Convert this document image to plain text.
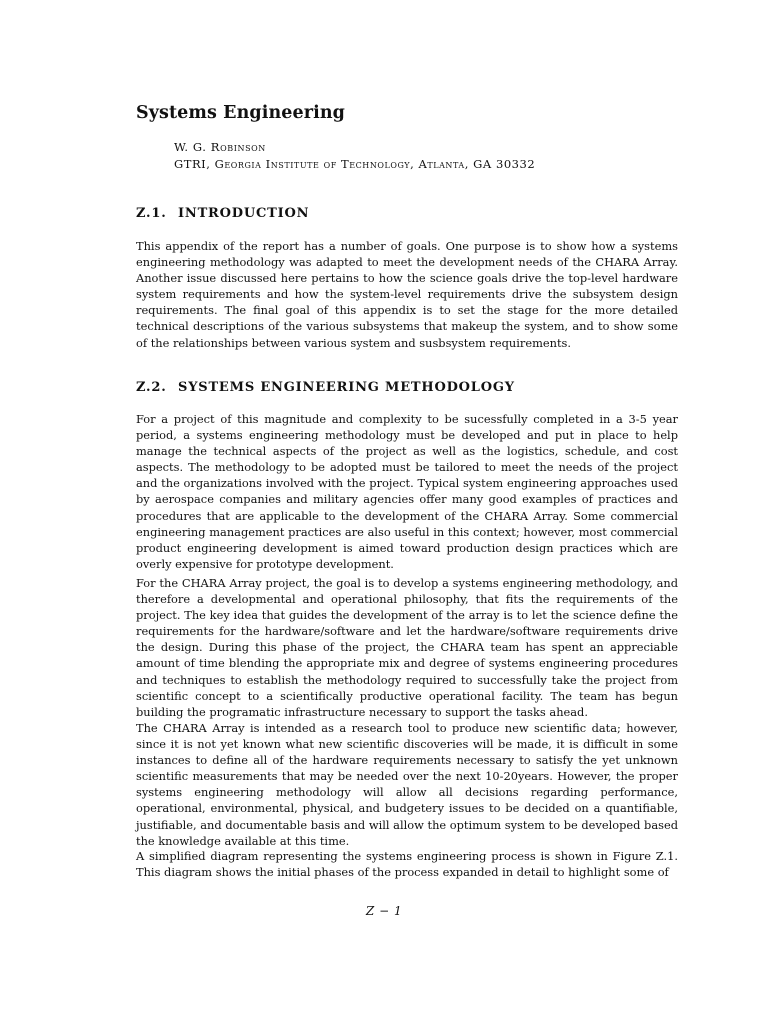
Systems Engineering

W. G. Robinson

GTRI, Georgia Institute of Technology, Atlanta, GA 30332

Z.1. INTRODUCTION

This appendix of the report has a number of goals. One purpose is to show how a systems engineering methodology was adapted to meet the development needs of the CHARA Array. Another issue discussed here pertains to how the science goals drive the top-level hardware system requirements and how the system-level requirements drive the subsystem design requirements. The final goal of this appendix is to set the stage for the more detailed technical descriptions of the various subsystems that makeup the system, and to show some of the relationships between various system and susbsystem requirements.

Z.2. SYSTEMS ENGINEERING METHODOLOGY

For a project of this magnitude and complexity to be sucessfully completed in a 3-5 year period, a systems engineering methodology must be developed and put in place to help manage the technical aspects of the project as well as the logistics, schedule, and cost aspects. The methodology to be adopted must be tailored to meet the needs of the project and the organizations involved with the project. Typical system engineering approaches used by aerospace companies and military agencies offer many good examples of practices and procedures that are applicable to the development of the CHARA Array. Some commercial engineering management practices are also useful in this context; however, most commercial product engineering development is aimed toward production design practices which are overly expensive for prototype development.

For the CHARA Array project, the goal is to develop a systems engineering methodology, and therefore a developmental and operational philosophy, that fits the requirements of the project. The key idea that guides the development of the array is to let the science define the requirements for the hardware/software and let the hardware/software requirements drive the design. During this phase of the project, the CHARA team has spent an appreciable amount of time blending the appropriate mix and degree of systems engineering procedures and techniques to establish the methodology required to successfully take the project from scientific concept to a scientifically productive operational facility. The team has begun building the programatic infrastructure necessary to support the tasks ahead.

The CHARA Array is intended as a research tool to produce new scientific data; however, since it is not yet known what new scientific discoveries will be made, it is difficult in some instances to define all of the hardware requirements necessary to satisfy the yet unknown scientific measurements that may be needed over the next 10-20years. However, the proper systems engineering methodology will allow all decisions regarding performance, operational, environmental, physical, and budgetery issues to be decided on a quantifiable, justifiable, and documentable basis and will allow the optimum system to be developed based the knowledge available at this time.

A simplified diagram representing the systems engineering process is shown in Figure Z.1. This diagram shows the initial phases of the process expanded in detail to highlight some of

Z − 1
